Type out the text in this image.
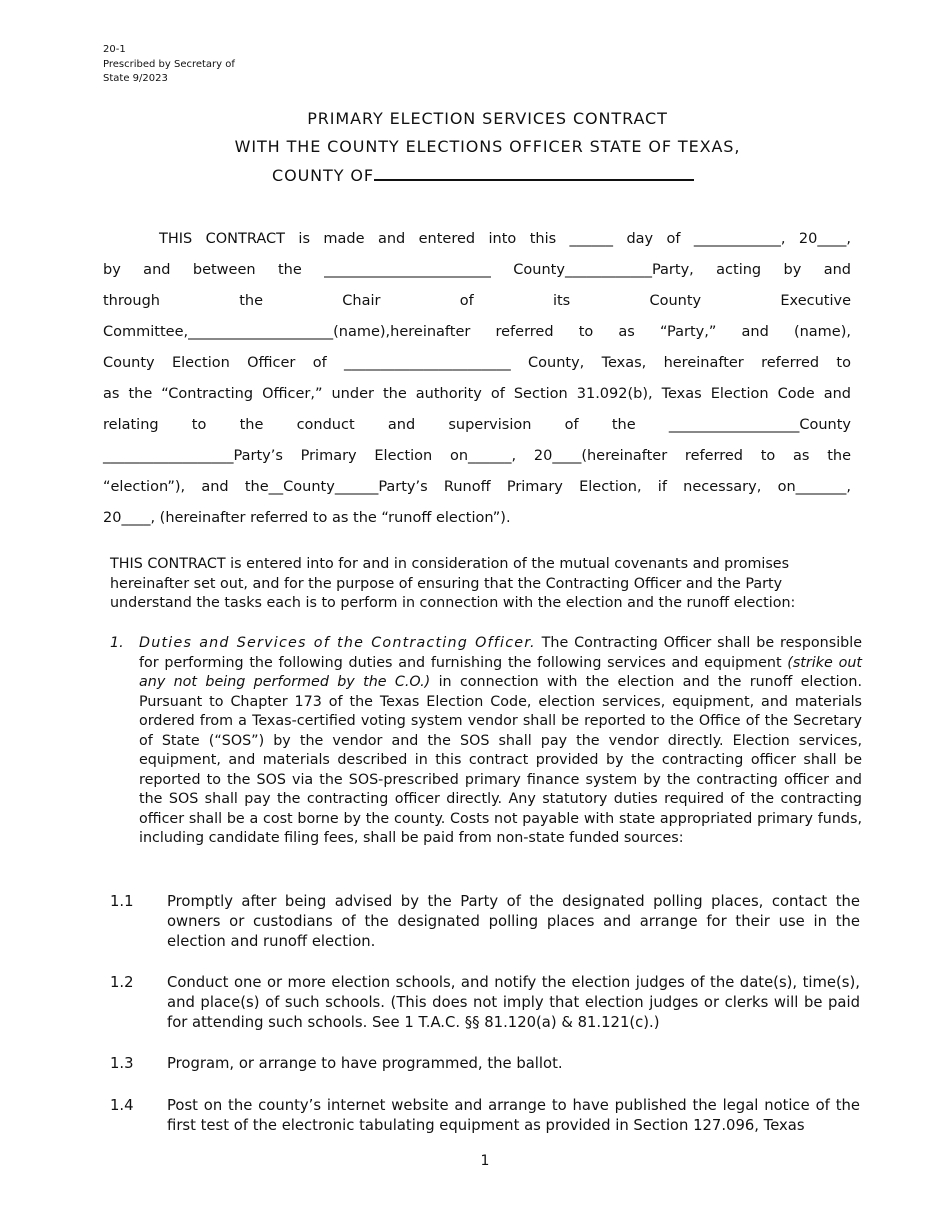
20-1
Prescribed by Secretary of
State 9/2023
PRIMARY ELECTION SERVICES CONTRACT
WITH THE COUNTY ELECTIONS OFFICER STATE OF TEXAS,
COUNTY OF
THIS CONTRACT is made and entered into this ______ day of ____________, 20____,
by and between the _______________________ County____________Party, acting by and
through the Chair of its County Executive
Committee,____________________(name),hereinafter referred to as “Party,” and (name),
County Election Officer of _______________________ County, Texas, hereinafter referred to
as the “Contracting Officer,” under the authority of Section 31.092(b), Texas Election Code and
relating to the conduct and supervision of the __________________County
__________________Party’s Primary Election on______, 20____(hereinafter referred to as the
“election”), and the__County______Party’s Runoff Primary Election, if necessary, on_______,
20____, (hereinafter referred to as the “runoff election”).
THIS CONTRACT is entered into for and in consideration of the mutual covenants and promises hereinafter set out, and for the purpose of ensuring that the Contracting Officer and the Party understand the tasks each is to perform in connection with the election and the runoff election:
1. Duties and Services of the Contracting Officer. The Contracting Officer shall be responsible for performing the following duties and furnishing the following services and equipment (strike out any not being performed by the C.O.) in connection with the election and the runoff election. Pursuant to Chapter 173 of the Texas Election Code, election services, equipment, and materials ordered from a Texas-certified voting system vendor shall be reported to the Office of the Secretary of State (“SOS”) by the vendor and the SOS shall pay the vendor directly. Election services, equipment, and materials described in this contract provided by the contracting officer shall be reported to the SOS via the SOS-prescribed primary finance system by the contracting officer and the SOS shall pay the contracting officer directly. Any statutory duties required of the contracting officer shall be a cost borne by the county. Costs not payable with state appropriated primary funds, including candidate filing fees, shall be paid from non-state funded sources:
1.1 Promptly after being advised by the Party of the designated polling places, contact the owners or custodians of the designated polling places and arrange for their use in the election and runoff election.
1.2 Conduct one or more election schools, and notify the election judges of the date(s), time(s), and place(s) of such schools. (This does not imply that election judges or clerks will be paid for attending such schools. See 1 T.A.C. §§ 81.120(a) & 81.121(c).)
1.3 Program, or arrange to have programmed, the ballot.
1.4 Post on the county’s internet website and arrange to have published the legal notice of the first test of the electronic tabulating equipment as provided in Section 127.096, Texas
1
